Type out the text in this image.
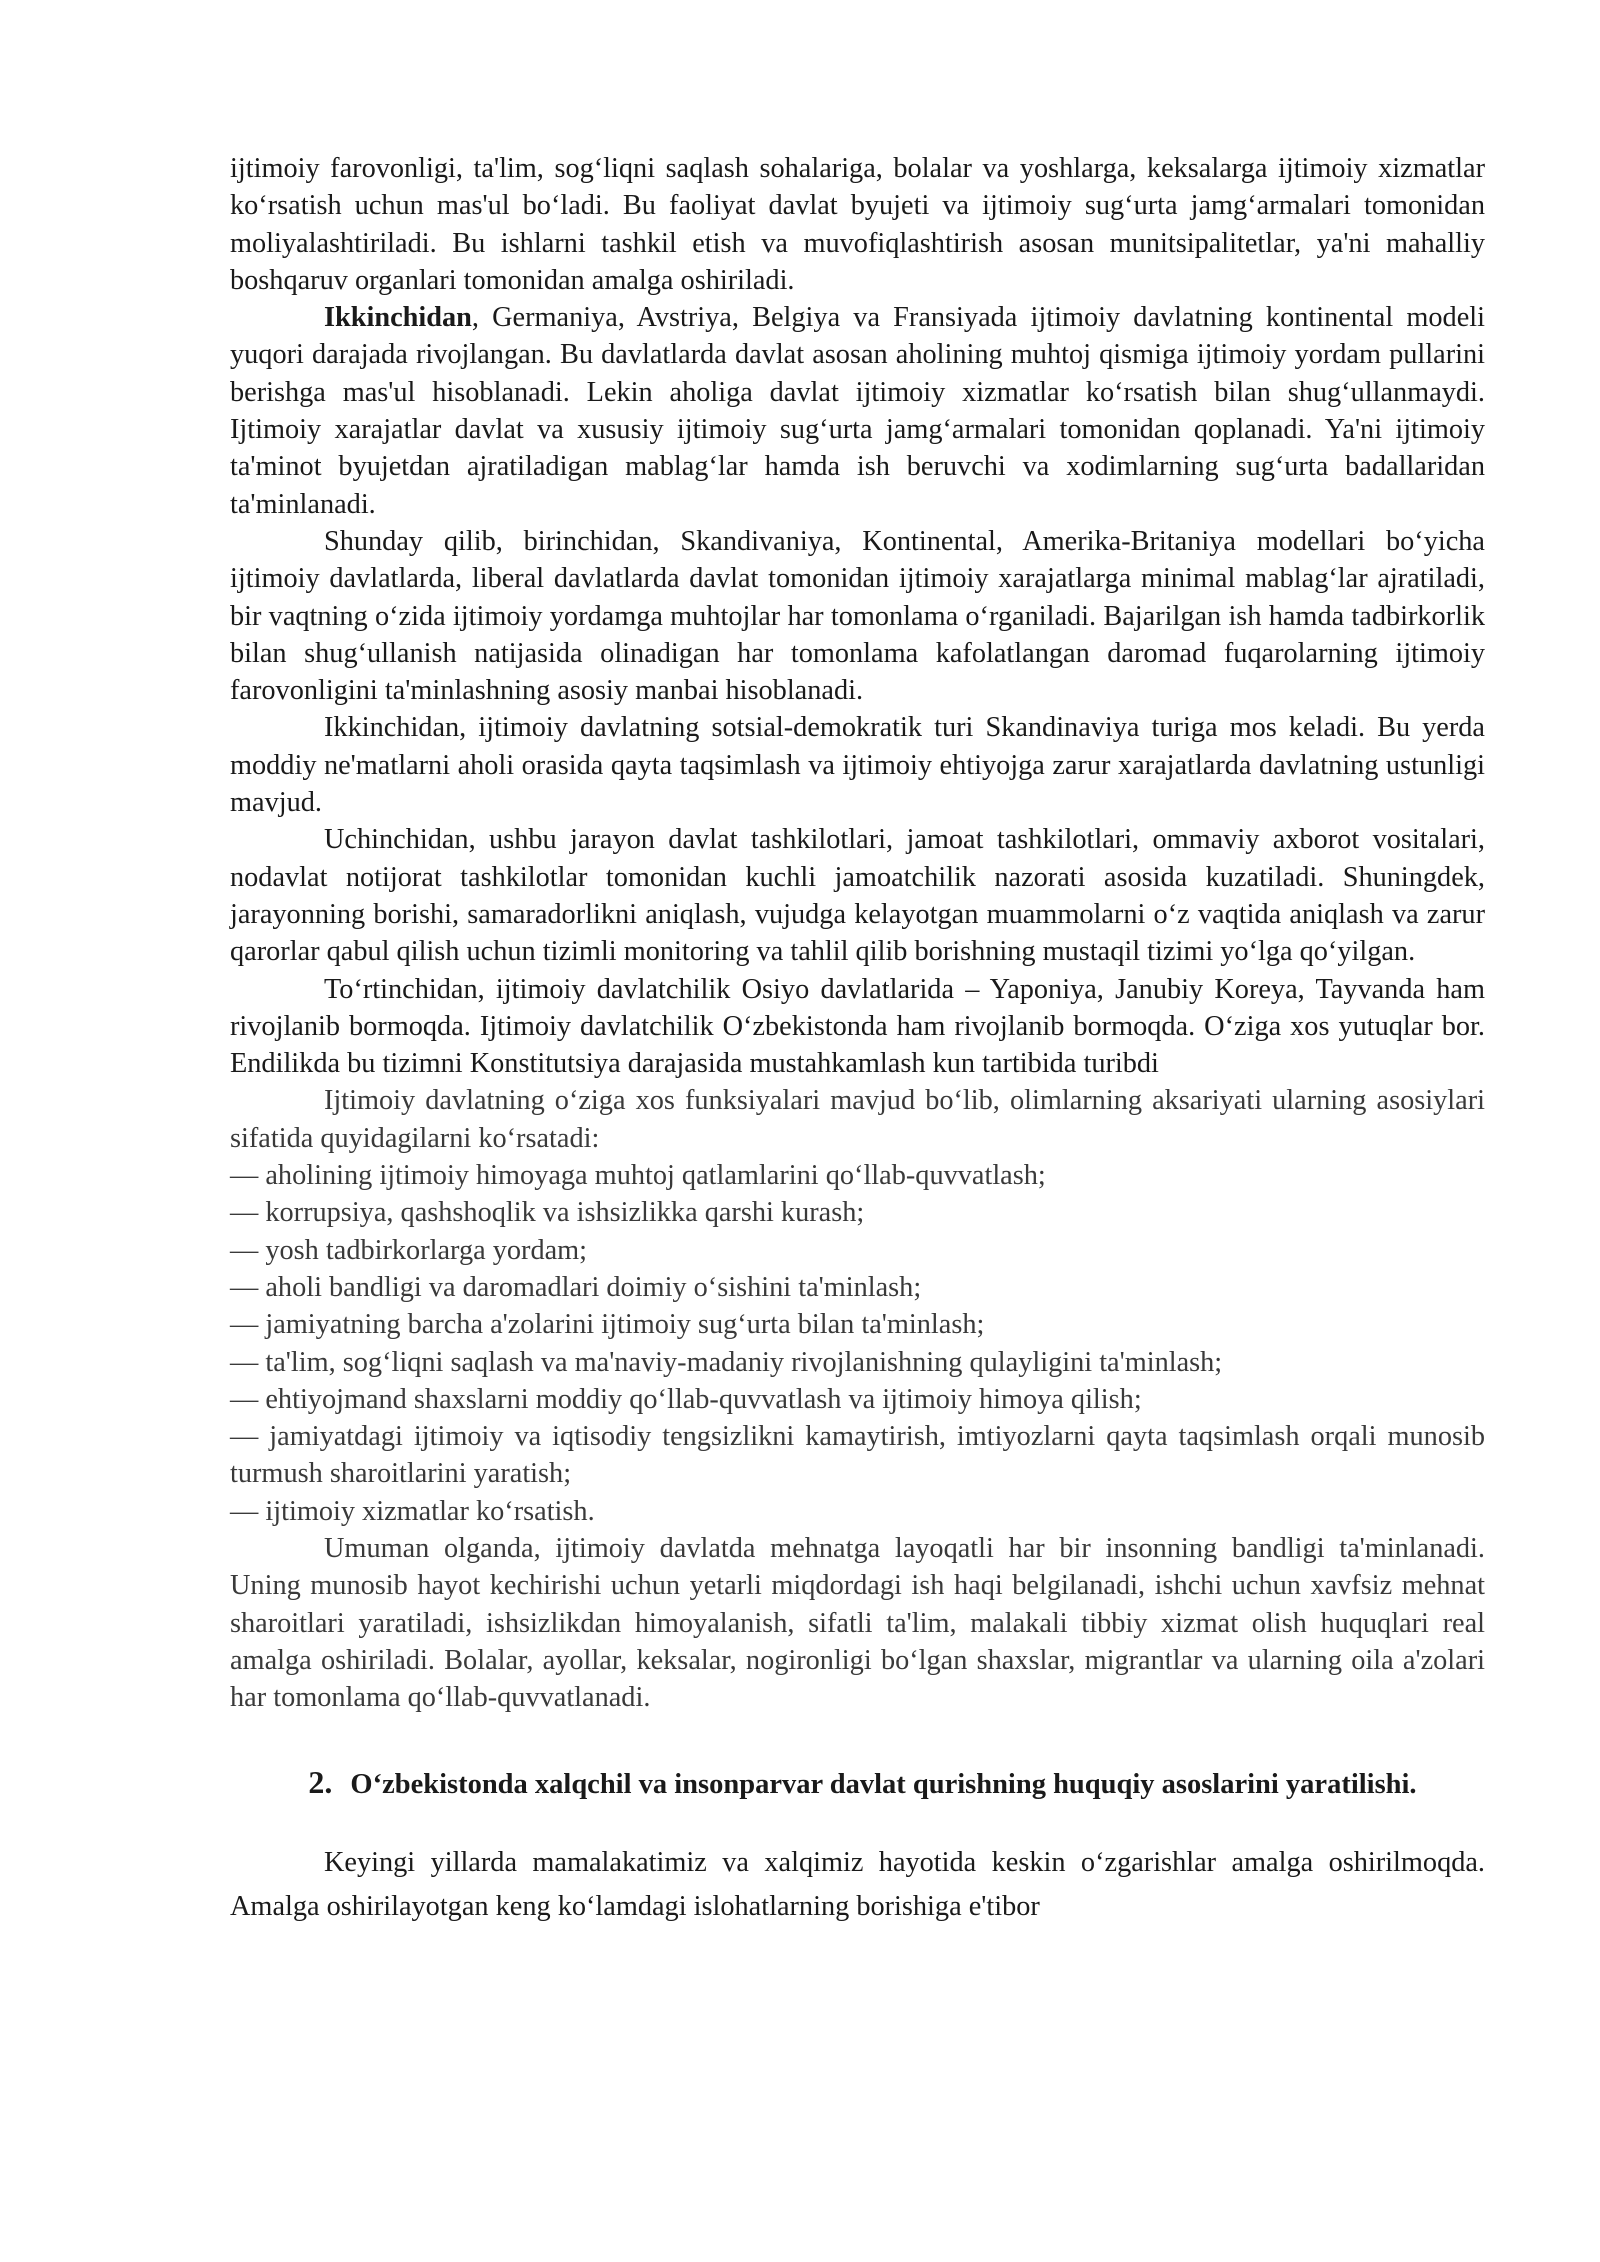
ijtimoiy farovonligi, ta'lim, sog‘liqni saqlash sohalariga, bolalar va yoshlarga, keksalarga ijtimoiy xizmatlar ko‘rsatish uchun mas'ul bo‘ladi. Bu faoliyat davlat byujeti va ijtimoiy sug‘urta jamg‘armalari tomonidan moliyalashtiriladi. Bu ishlarni tashkil etish va muvofiqlashtirish asosan munitsipalitetlar, ya'ni mahalliy boshqaruv organlari tomonidan amalga oshiriladi.

Ikkinchidan, Germaniya, Avstriya, Belgiya va Fransiyada ijtimoiy davlatning kontinental modeli yuqori darajada rivojlangan. Bu davlatlarda davlat asosan aholining muhtoj qismiga ijtimoiy yordam pullarini berishga mas'ul hisoblanadi. Lekin aholiga davlat ijtimoiy xizmatlar ko‘rsatish bilan shug‘ullanmaydi. Ijtimoiy xarajatlar davlat va xususiy ijtimoiy sug‘urta jamg‘armalari tomonidan qoplanadi. Ya'ni ijtimoiy ta'minot byujetdan ajratiladigan mablag‘lar hamda ish beruvchi va xodimlarning sug‘urta badallaridan ta'minlanadi.

Shunday qilib, birinchidan, Skandivaniya, Kontinental, Amerika-Britaniya modellari bo‘yicha ijtimoiy davlatlarda, liberal davlatlarda davlat tomonidan ijtimoiy xarajatlarga minimal mablag‘lar ajratiladi, bir vaqtning o‘zida ijtimoiy yordamga muhtojlar har tomonlama o‘rganiladi. Bajarilgan ish hamda tadbirkorlik bilan shug‘ullanish natijasida olinadigan har tomonlama kafolatlangan daromad fuqarolarning ijtimoiy farovonligini ta'minlashning asosiy manbai hisoblanadi.

Ikkinchidan, ijtimoiy davlatning sotsial-demokratik turi Skandinaviya turiga mos keladi. Bu yerda moddiy ne'matlarni aholi orasida qayta taqsimlash va ijtimoiy ehtiyojga zarur xarajatlarda davlatning ustunligi mavjud.

Uchinchidan, ushbu jarayon davlat tashkilotlari, jamoat tashkilotlari, ommaviy axborot vositalari, nodavlat notijorat tashkilotlar tomonidan kuchli jamoatchilik nazorati asosida kuzatiladi. Shuningdek, jarayonning borishi, samaradorlikni aniqlash, vujudga kelayotgan muammolarni o‘z vaqtida aniqlash va zarur qarorlar qabul qilish uchun tizimli monitoring va tahlil qilib borishning mustaqil tizimi yo‘lga qo‘yilgan.

To‘rtinchidan, ijtimoiy davlatchilik Osiyo davlatlarida – Yaponiya, Janubiy Koreya, Tayvanda ham rivojlanib bormoqda. Ijtimoiy davlatchilik O‘zbekistonda ham rivojlanib bormoqda. O‘ziga xos yutuqlar bor. Endilikda bu tizimni Konstitutsiya darajasida mustahkamlash kun tartibida turibdi

Ijtimoiy davlatning o‘ziga xos funksiyalari mavjud bo‘lib, olimlarning aksariyati ularning asosiylari sifatida quyidagilarni ko‘rsatadi:

— aholining ijtimoiy himoyaga muhtoj qatlamlarini qo‘llab-quvvatlash;

— korrupsiya, qashshoqlik va ishsizlikka qarshi kurash;

— yosh tadbirkorlarga yordam;

— aholi bandligi va daromadlari doimiy o‘sishini ta'minlash;

— jamiyatning barcha a'zolarini ijtimoiy sug‘urta bilan ta'minlash;

— ta'lim, sog‘liqni saqlash va ma'naviy-madaniy rivojlanishning qulayligini ta'minlash;

— ehtiyojmand shaxslarni moddiy qo‘llab-quvvatlash va ijtimoiy himoya qilish;

— jamiyatdagi ijtimoiy va iqtisodiy tengsizlikni kamaytirish, imtiyozlarni qayta taqsimlash orqali munosib turmush sharoitlarini yaratish;

— ijtimoiy xizmatlar ko‘rsatish.

Umuman olganda, ijtimoiy davlatda mehnatga layoqatli har bir insonning bandligi ta'minlanadi. Uning munosib hayot kechirishi uchun yetarli miqdordagi ish haqi belgilanadi, ishchi uchun xavfsiz mehnat sharoitlari yaratiladi, ishsizlikdan himoyalanish, sifatli ta'lim, malakali tibbiy xizmat olish huquqlari real amalga oshiriladi. Bolalar, ayollar, keksalar, nogironligi bo‘lgan shaxslar, migrantlar va ularning oila a'zolari har tomonlama qo‘llab-quvvatlanadi.

2. O‘zbekistonda xalqchil va insonparvar davlat qurishning huquqiy asoslarini yaratilishi.

Keyingi yillarda mamalakatimiz va xalqimiz hayotida keskin o‘zgarishlar amalga oshirilmoqda. Amalga oshirilayotgan keng ko‘lamdagi islohatlarning borishiga e'tibor
